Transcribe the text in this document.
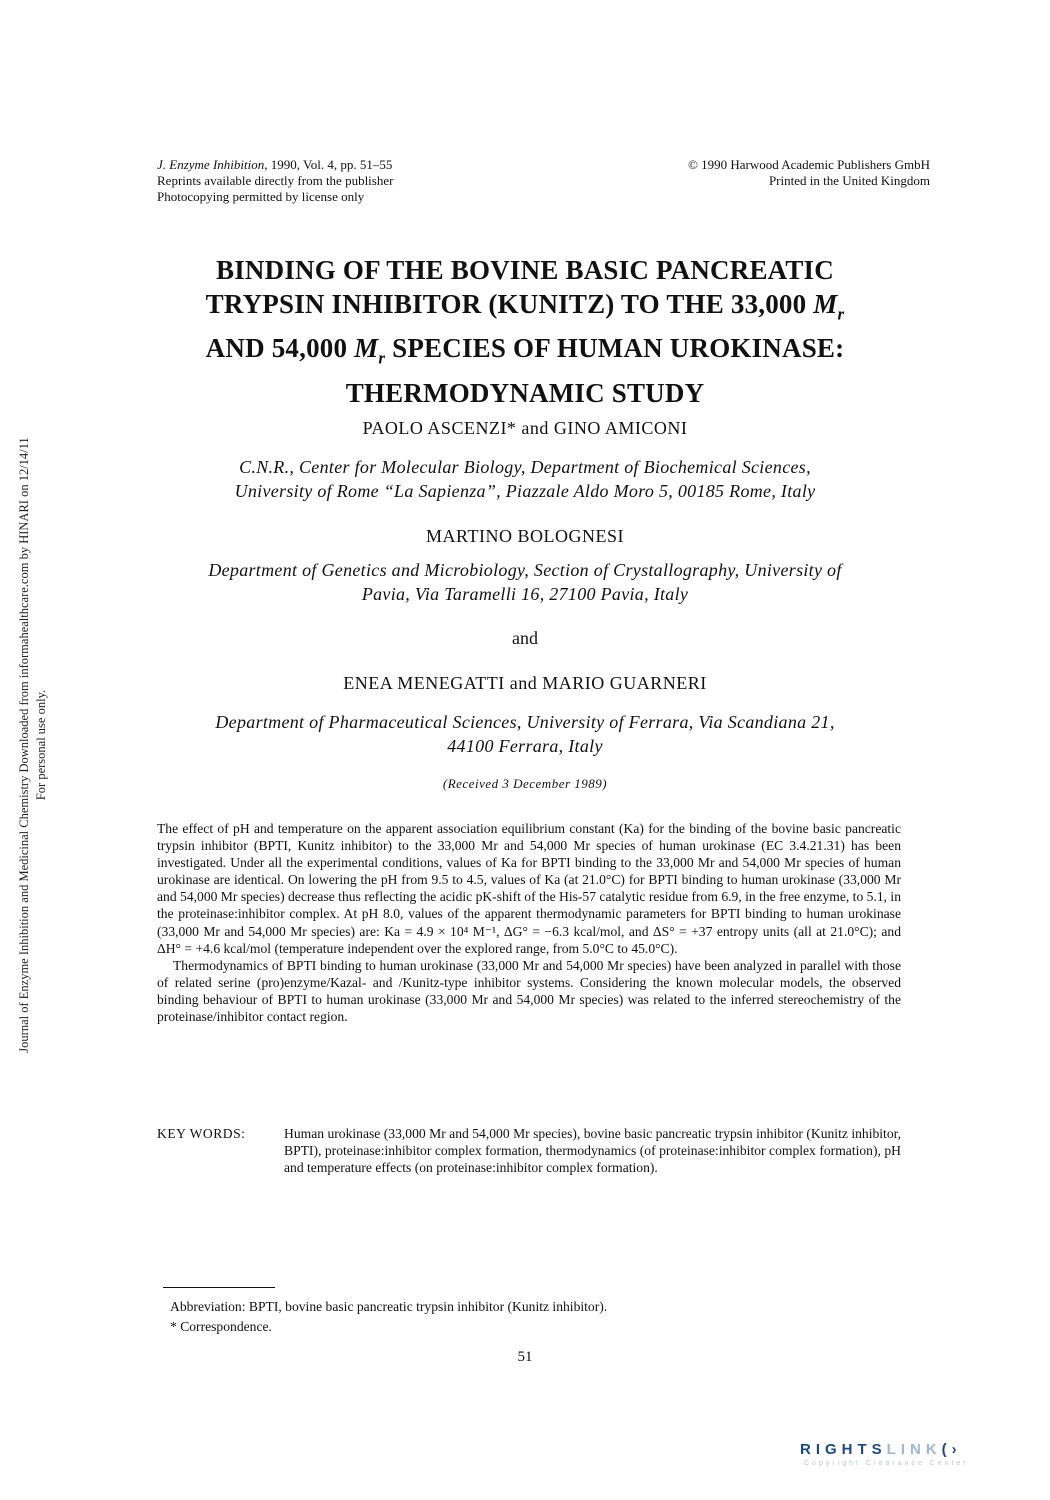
Journal of Enzyme Inhibition and Medicinal Chemistry Downloaded from informahealthcare.com by HINARI on 12/14/11 For personal use only.
J. Enzyme Inhibition, 1990, Vol. 4, pp. 51–55
Reprints available directly from the publisher
Photocopying permitted by license only
© 1990 Harwood Academic Publishers GmbH
Printed in the United Kingdom
BINDING OF THE BOVINE BASIC PANCREATIC
TRYPSIN INHIBITOR (KUNITZ) TO THE 33,000 $M_r$
AND 54,000 $M_r$ SPECIES OF HUMAN UROKINASE:
THERMODYNAMIC STUDY
PAOLO ASCENZI* and GINO AMICONI
C.N.R., Center for Molecular Biology, Department of Biochemical Sciences,
University of Rome “La Sapienza”, Piazzale Aldo Moro 5, 00185 Rome, Italy
MARTINO BOLOGNESI
Department of Genetics and Microbiology, Section of Crystallography, University of
Pavia, Via Taramelli 16, 27100 Pavia, Italy
and
ENEA MENEGATTI and MARIO GUARNERI
Department of Pharmaceutical Sciences, University of Ferrara, Via Scandiana 21,
44100 Ferrara, Italy
(Received 3 December 1989)

The effect of pH and temperature on the apparent association equilibrium constant (Ka) for the binding of the bovine basic pancreatic trypsin inhibitor (BPTI, Kunitz inhibitor) to the 33,000 Mr and 54,000 Mr species of human urokinase (EC 3.4.21.31) has been investigated. Under all the experimental conditions, values of Ka for BPTI binding to the 33,000 Mr and 54,000 Mr species of human urokinase are identical. On lowering the pH from 9.5 to 4.5, values of Ka (at 21.0°C) for BPTI binding to human urokinase (33,000 Mr and 54,000 Mr species) decrease thus reflecting the acidic pK-shift of the His-57 catalytic residue from 6.9, in the free enzyme, to 5.1, in the proteinase:inhibitor complex. At pH 8.0, values of the apparent thermodynamic parameters for BPTI binding to human urokinase (33,000 Mr and 54,000 Mr species) are: Ka = 4.9 × 10⁴ M⁻¹, ΔG° = −6.3 kcal/mol, and ΔS° = +37 entropy units (all at 21.0°C); and ΔH° = +4.6 kcal/mol (temperature independent over the explored range, from 5.0°C to 45.0°C).

Thermodynamics of BPTI binding to human urokinase (33,000 Mr and 54,000 Mr species) have been analyzed in parallel with those of related serine (pro)enzyme/Kazal- and /Kunitz-type inhibitor systems. Considering the known molecular models, the observed binding behaviour of BPTI to human urokinase (33,000 Mr and 54,000 Mr species) was related to the inferred stereochemistry of the proteinase/inhibitor contact region.

KEY WORDS:	Human urokinase (33,000 Mr and 54,000 Mr species), bovine basic pancreatic trypsin inhibitor (Kunitz inhibitor, BPTI), proteinase:inhibitor complex formation, thermodynamics (of proteinase:inhibitor complex formation), pH and temperature effects (on proteinase:inhibitor complex formation).
Abbreviation: BPTI, bovine basic pancreatic trypsin inhibitor (Kunitz inhibitor).
* Correspondence.
51
RIGHTSLINK(›
Copyright Clearance Center
